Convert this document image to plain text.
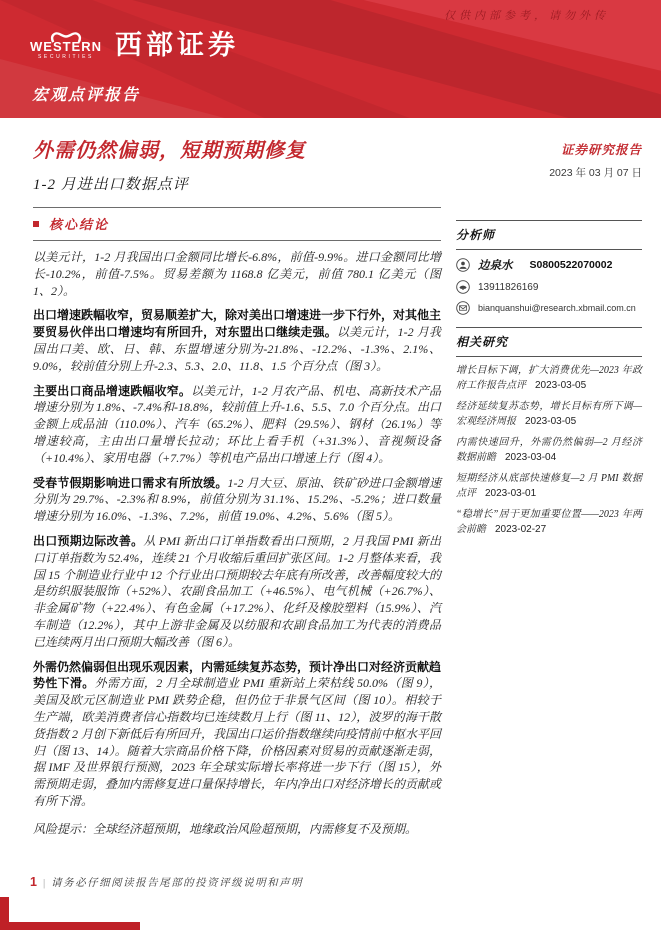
仅供内部参考，请勿外传
WESTERN
SECURITIES 西部证券
宏观点评报告
外需仍然偏弱，短期预期修复
1-2 月进出口数据点评
核心结论

以美元计，1-2 月我国出口金额同比增长-6.8%，前值-9.9%。进口金额同比增长-10.2%，前值-7.5%。贸易差额为 1168.8 亿美元，前值 780.1 亿美元（图 1、2）。

出口增速跌幅收窄，贸易顺差扩大，除对美出口增速进一步下行外，对其他主要贸易伙伴出口增速均有所回升，对东盟出口继续走强。以美元计，1-2 月我国出口美、欧、日、韩、东盟增速分别为-21.8%、-12.2%、-1.3%、2.1%、9.0%，较前值分别上升-2.3、5.3、2.0、11.8、1.5 个百分点（图 3）。

主要出口商品增速跌幅收窄。以美元计，1-2 月农产品、机电、高新技术产品增速分别为 1.8%、-7.4%和-18.8%，较前值上升-1.6、5.5、7.0 个百分点。出口金额上成品油（110.0%）、汽车（65.2%）、肥料（29.5%）、钢材（26.1%）等增速较高，主由出口量增长拉动；环比上看手机（+31.3%）、音视频设备（+10.4%）、家用电器（+7.7%）等机电产品出口增速上行（图 4）。

受春节假期影响进口需求有所放缓。1-2 月大豆、原油、铁矿砂进口金额增速分别为 29.7%、-2.3%和 8.9%，前值分别为 31.1%、15.2%、-5.2%；进口数量增速分别为 16.0%、-1.3%、7.2%，前值 19.0%、4.2%、5.6%（图 5）。

出口预期边际改善。从 PMI 新出口订单指数看出口预期，2 月我国 PMI 新出口订单指数为 52.4%，连续 21 个月收缩后重回扩张区间。1-2 月整体来看，我国 15 个制造业行业中 12 个行业出口预期较去年底有所改善，改善幅度较大的是纺织服装服饰（+52%）、农副食品加工（+46.5%）、电气机械（+26.7%）、非金属矿物（+22.4%）、有色金属（+17.2%）、化纤及橡胶塑料（15.9%）、汽车制造（12.2%），其中上游非金属及以纺服和农副食品加工为代表的消费品已连续两月出口预期大幅改善（图 6）。

外需仍然偏弱但出现乐观因素，内需延续复苏态势，预计净出口对经济贡献趋势性下滑。外需方面，2 月全球制造业 PMI 重新站上荣枯线 50.0%（图 9），美国及欧元区制造业 PMI 跌势企稳，但仍位于非景气区间（图 10）。相较于生产端，欧美消费者信心指数均已连续数月上行（图 11、12），波罗的海干散货指数 2 月创下新低后有所回升，我国出口运价指数继续向疫情前中枢水平回归（图 13、14）。随着大宗商品价格下降，价格因素对贸易的贡献逐渐走弱，据 IMF 及世界银行预测，2023 年全球实际增长率将进一步下行（图 15），外需预期走弱，叠加内需修复进口量保持增长，年内净出口对经济增长的贡献或有所下滑。

风险提示：全球经济超预期，地缘政治风险超预期，内需修复不及预期。

证券研究报告
2023 年 03 月 07 日
分析师
边泉水 S0800522070002
13911826169
bianquanshui@research.xbmail.com.cn
相关研究
增长目标下调，扩大消费优先—2023 年政府工作报告点评 2023-03-05
经济延续复苏态势，增长目标有所下调—宏观经济周报 2023-03-05
内需快速回升，外需仍然偏弱—2 月经济数据前瞻 2023-03-04
短期经济从底部快速修复—2 月 PMI 数据点评 2023-03-01
“稳增长”居于更加重要位置——2023 年两会前瞻 2023-02-27
1 | 请务必仔细阅读报告尾部的投资评级说明和声明
